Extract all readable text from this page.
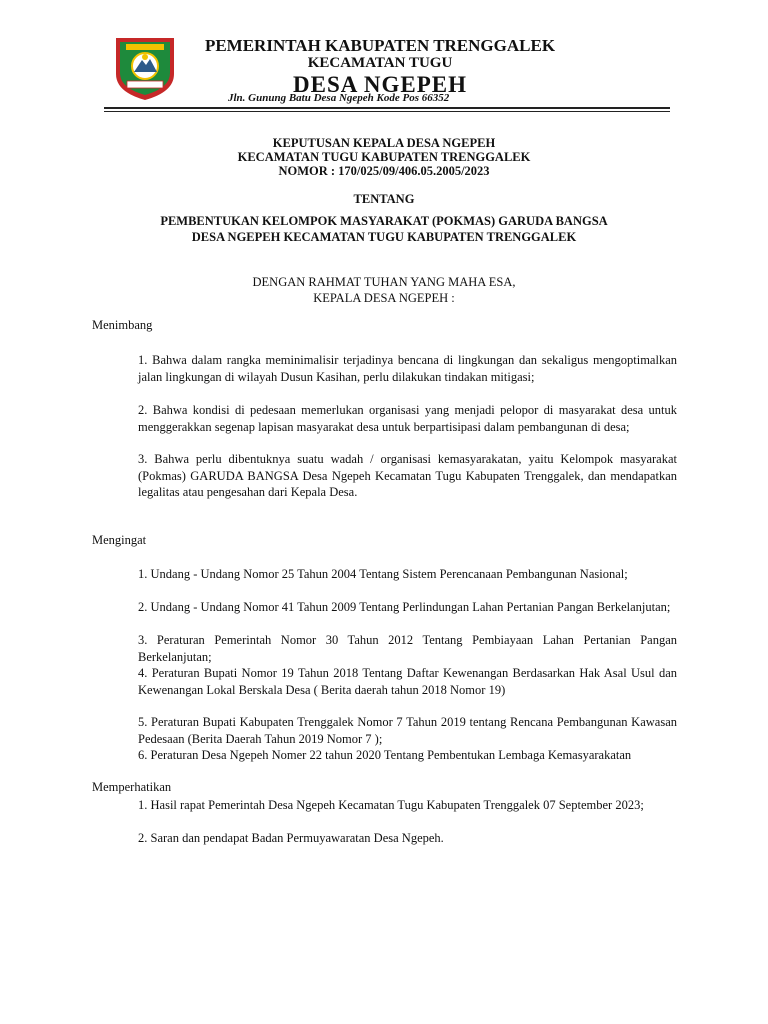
PEMERINTAH KABUPATEN TRENGGALEK
KECAMATAN TUGU
DESA NGEPEH
Jln. Gunung Batu Desa Ngepeh Kode Pos 66352
KEPUTUSAN KEPALA DESA NGEPEH
KECAMATAN TUGU KABUPATEN TRENGGALEK
NOMOR : 170/025/09/406.05.2005/2023
TENTANG
PEMBENTUKAN KELOMPOK MASYARAKAT (POKMAS) GARUDA BANGSA
DESA NGEPEH KECAMATAN TUGU KABUPATEN TRENGGALEK
DENGAN RAHMAT TUHAN YANG MAHA ESA,
KEPALA DESA NGEPEH :
Menimbang
1. Bahwa dalam rangka meminimalisir terjadinya bencana di lingkungan dan sekaligus mengoptimalkan jalan lingkungan di wilayah Dusun Kasihan, perlu dilakukan tindakan mitigasi;
2. Bahwa kondisi di pedesaan memerlukan organisasi yang menjadi pelopor di masyarakat desa untuk menggerakkan segenap lapisan masyarakat desa untuk berpartisipasi dalam pembangunan di desa;
3. Bahwa perlu dibentuknya suatu wadah / organisasi kemasyarakatan, yaitu Kelompok masyarakat (Pokmas) GARUDA BANGSA Desa Ngepeh Kecamatan Tugu Kabupaten Trenggalek, dan mendapatkan legalitas atau pengesahan dari Kepala Desa.
Mengingat
1. Undang - Undang Nomor 25 Tahun 2004 Tentang Sistem Perencanaan Pembangunan Nasional;
2. Undang - Undang Nomor 41 Tahun 2009 Tentang Perlindungan Lahan Pertanian Pangan Berkelanjutan;
3. Peraturan Pemerintah Nomor 30 Tahun 2012 Tentang Pembiayaan Lahan Pertanian Pangan Berkelanjutan;
4. Peraturan Bupati Nomor 19 Tahun 2018 Tentang Daftar Kewenangan Berdasarkan Hak Asal Usul dan Kewenangan Lokal Berskala Desa ( Berita daerah tahun 2018 Nomor 19)
5. Peraturan Bupati Kabupaten Trenggalek Nomor 7 Tahun 2019 tentang Rencana Pembangunan Kawasan Pedesaan (Berita Daerah Tahun 2019 Nomor 7 );
6. Peraturan Desa Ngepeh Nomer 22 tahun 2020 Tentang Pembentukan Lembaga Kemasyarakatan
Memperhatikan
1. Hasil rapat Pemerintah Desa Ngepeh Kecamatan Tugu Kabupaten Trenggalek 07 September 2023;
2. Saran dan pendapat Badan Permuyawaratan Desa Ngepeh.
